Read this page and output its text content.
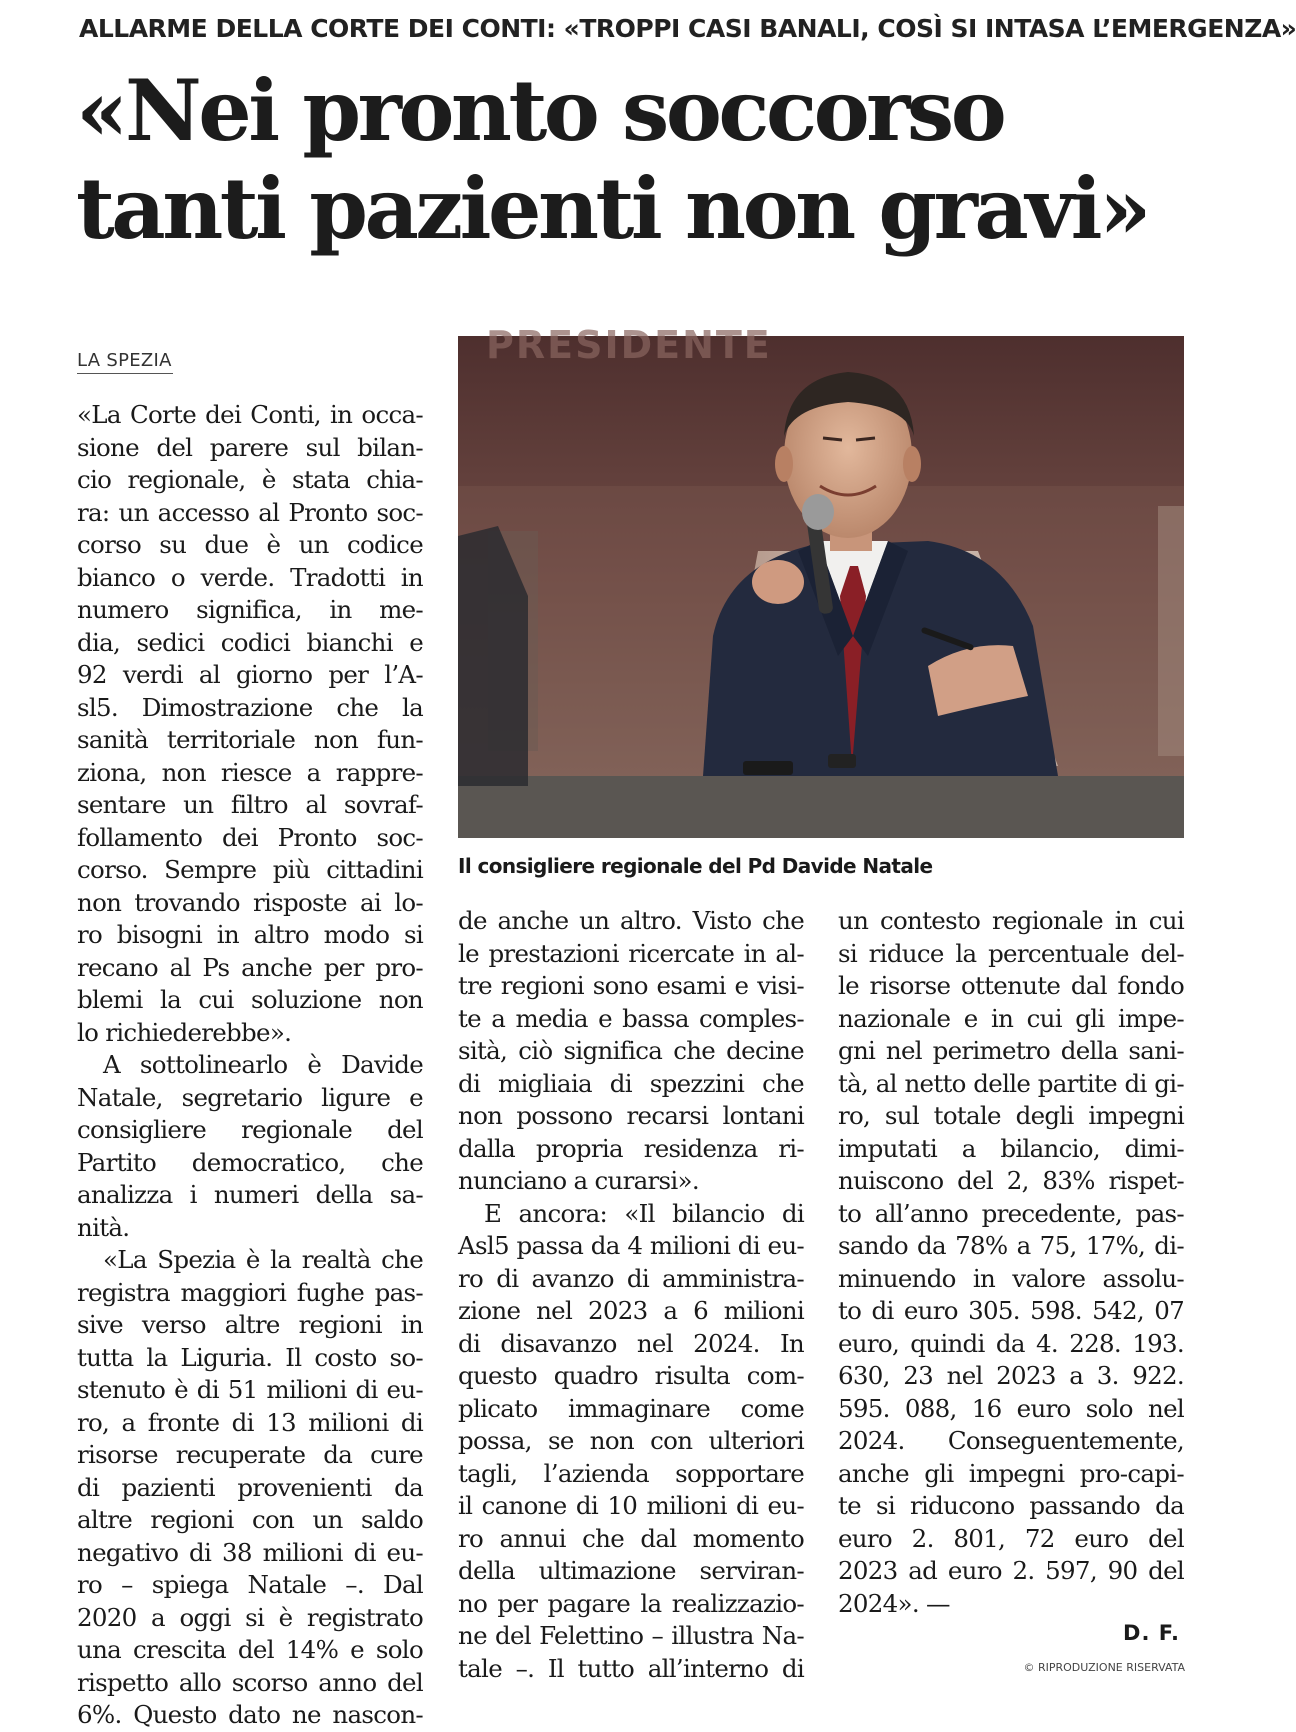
ALLARME DELLA CORTE DEI CONTI: «TROPPI CASI BANALI, COSÌ SI INTASA L’EMERGENZA»
«Nei pronto soccorso
tanti pazienti non gravi»
LA SPEZIA	PRESIDENTE
Il consigliere regionale del Pd Davide Natale
«La Corte dei Conti, in occa-
sione del parere sul bilan-
cio regionale, è stata chia-
ra: un accesso al Pronto soc-
corso su due è un codice
bianco o verde. Tradotti in
numero significa, in me-
dia, sedici codici bianchi e
92 verdi al giorno per l’A-
sl5. Dimostrazione che la
sanità territoriale non fun-
ziona, non riesce a rappre-
sentare un filtro al sovraf-
follamento dei Pronto soc-
corso. Sempre più cittadini
non trovando risposte ai lo-
ro bisogni in altro modo si
recano al Ps anche per pro-
blemi la cui soluzione non
lo richiederebbe».
A sottolinearlo è Davide
Natale, segretario ligure e
consigliere regionale del
Partito democratico, che
analizza i numeri della sa-
nità.
«La Spezia è la realtà che
registra maggiori fughe pas-
sive verso altre regioni in
tutta la Liguria. Il costo so-
stenuto è di 51 milioni di eu-
ro, a fronte di 13 milioni di
risorse recuperate da cure
di pazienti provenienti da
altre regioni con un saldo
negativo di 38 milioni di eu-
ro – spiega Natale –. Dal
2020 a oggi si è registrato
una crescita del 14% e solo
rispetto allo scorso anno del
6%. Questo dato ne nascon-
de anche un altro. Visto che
le prestazioni ricercate in al-
tre regioni sono esami e visi-
te a media e bassa comples-
sità, ciò significa che decine
di migliaia di spezzini che
non possono recarsi lontani
dalla propria residenza ri-
nunciano a curarsi».
E ancora: «Il bilancio di
Asl5 passa da 4 milioni di eu-
ro di avanzo di amministra-
zione nel 2023 a 6 milioni
di disavanzo nel 2024. In
questo quadro risulta com-
plicato immaginare come
possa, se non con ulteriori
tagli, l’azienda sopportare
il canone di 10 milioni di eu-
ro annui che dal momento
della ultimazione serviran-
no per pagare la realizzazio-
ne del Felettino – illustra Na-
tale –. Il tutto all’interno di
un contesto regionale in cui
si riduce la percentuale del-
le risorse ottenute dal fondo
nazionale e in cui gli impe-
gni nel perimetro della sani-
tà, al netto delle partite di gi-
ro, sul totale degli impegni
imputati a bilancio, dimi-
nuiscono del 2, 83% rispet-
to all’anno precedente, pas-
sando da 78% a 75, 17%, di-
minuendo in valore assolu-
to di euro 305. 598. 542, 07
euro, quindi da 4. 228. 193.
630, 23 nel 2023 a 3. 922.
595. 088, 16 euro solo nel
2024. Conseguentemente,
anche gli impegni pro-capi-
te si riducono passando da
euro 2. 801, 72 euro del
2023 ad euro 2. 597, 90 del
2024». —
D. F.
© RIPRODUZIONE RISERVATA
